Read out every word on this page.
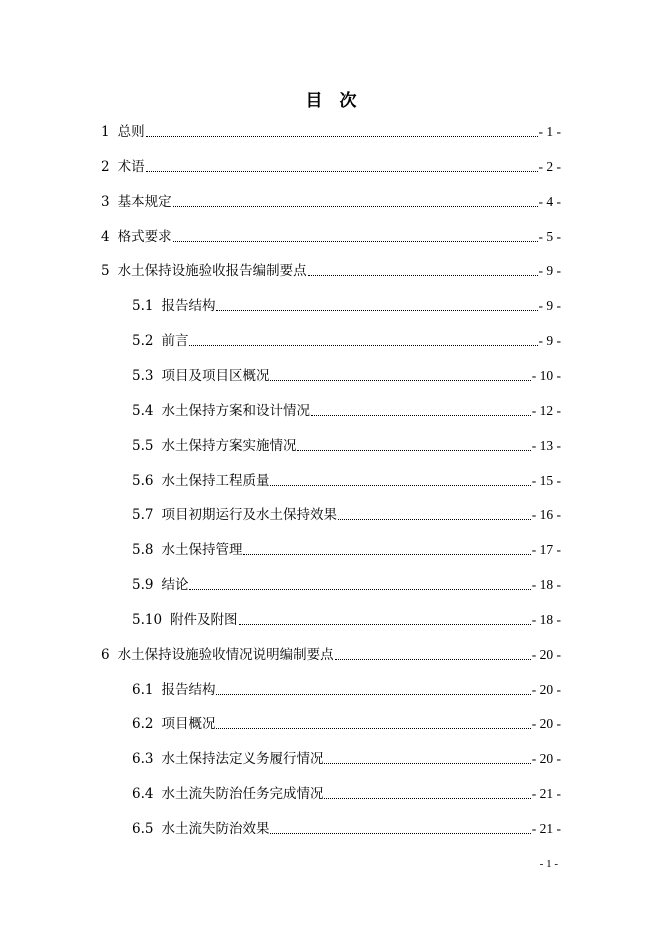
目　次
1 总则	- 1 -
2 术语	- 2 -
3 基本规定	- 4 -
4 格式要求	- 5 -
5 水土保持设施验收报告编制要点	- 9 -
5.1 报告结构	- 9 -
5.2 前言	- 9 -
5.3 项目及项目区概况	- 10 -
5.4 水土保持方案和设计情况	- 12 -
5.5 水土保持方案实施情况	- 13 -
5.6 水土保持工程质量	- 15 -
5.7 项目初期运行及水土保持效果	- 16 -
5.8 水土保持管理	- 17 -
5.9 结论	- 18 -
5.10 附件及附图	- 18 -
6 水土保持设施验收情况说明编制要点	- 20 -
6.1 报告结构	- 20 -
6.2 项目概况	- 20 -
6.3 水土保持法定义务履行情况	- 20 -
6.4 水土流失防治任务完成情况	- 21 -
6.5 水土流失防治效果	- 21 -
- 1 -
